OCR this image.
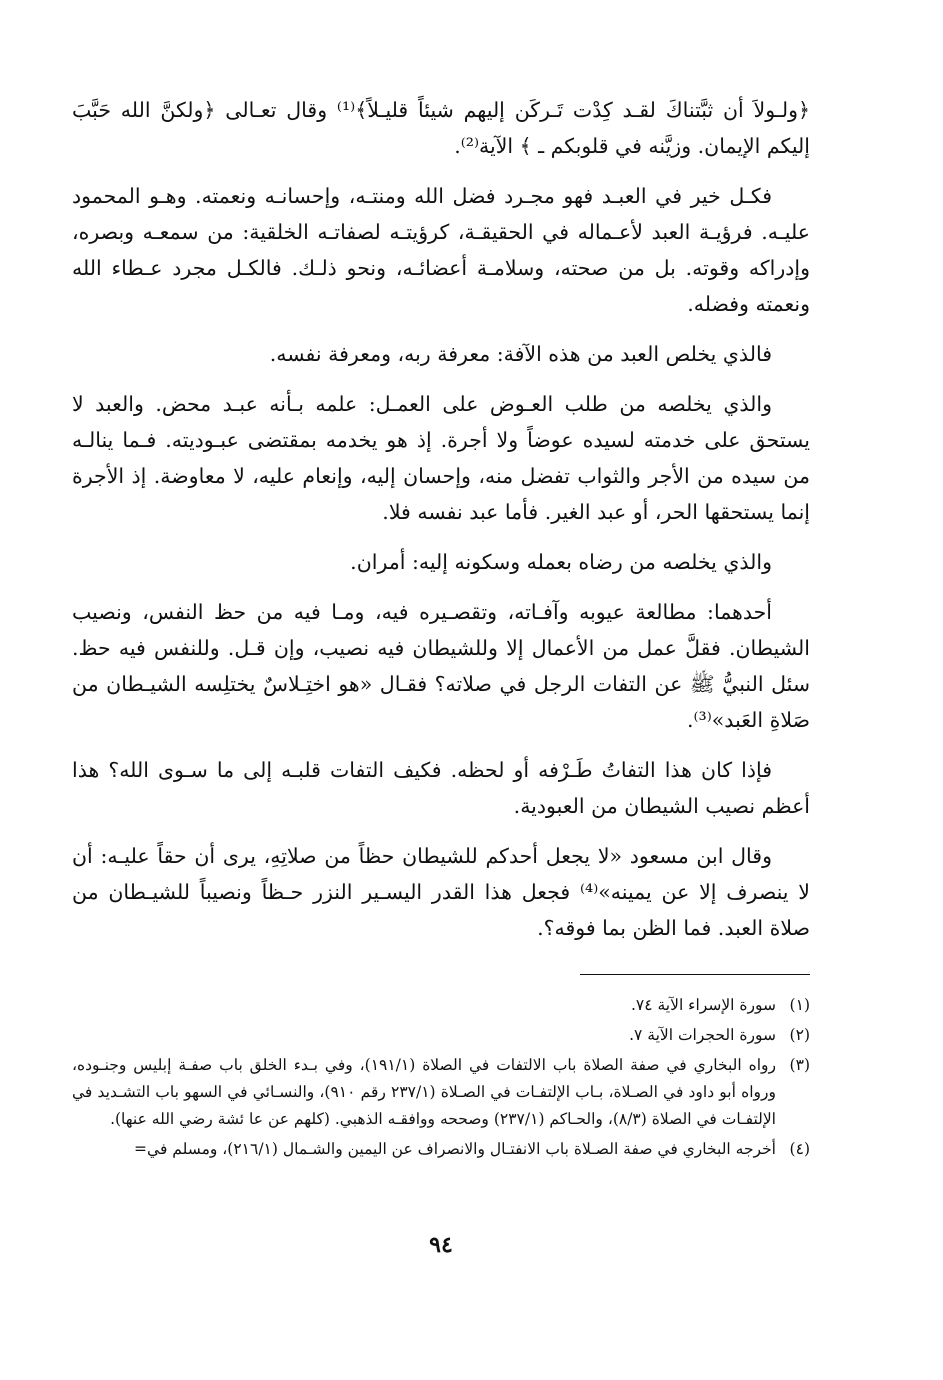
﴿ولـولاَ أن ثبَّتناكَ لقـد كِدْت تَـركَن إليهم شيئاً قليـلاً﴾⁽¹⁾ وقال تعـالى ﴿ولكنَّ الله حَبَّبَ إليكم الإيمان. وزيَّنه في قلوبكم ـ ﴾ الآية⁽²⁾.

فكـل خير في العبـد فهو مجـرد فضل الله ومنتـه، وإحسانـه ونعمته. وهـو المحمود عليـه. فرؤيـة العبد لأعـماله في الحقيقـة، كرؤيتـه لصفاتـه الخلقية: من سمعـه وبصره، وإدراكه وقوته. بل من صحته، وسلامـة أعضائـه، ونحو ذلـك. فالكـل مجرد عـطاء الله ونعمته وفضله.

فالذي يخلص العبد من هذه الآفة: معرفة ربه، ومعرفة نفسه.

والذي يخلصه من طلب العـوض على العمـل: علمه بـأنه عبـد محض. والعبد لا يستحق على خدمته لسيده عوضاً ولا أجرة. إذ هو يخدمه بمقتضى عبـوديته. فـما ينالـه من سيده من الأجر والثواب تفضل منه، وإحسان إليه، وإنعام عليه، لا معاوضة. إذ الأجرة إنما يستحقها الحر، أو عبد الغير. فأما عبد نفسه فلا.

والذي يخلصه من رضاه بعمله وسكونه إليه: أمران.

أحدهما: مطالعة عيوبه وآفـاته، وتقصـيره فيه، ومـا فيه من حظ النفس، ونصيب الشيطان. فقلَّ عمل من الأعمال إلا وللشيطان فيه نصيب، وإن قـل. وللنفس فيه حظ. سئل النبيُّ ﷺ عن التفات الرجل في صلاته؟ فقـال «هو اختِـلاسٌ يختلِسه الشيـطان من صَلاةِ العَبد»⁽³⁾.

فإذا كان هذا التفاتُ طَـرْفه أو لحظه. فكيف التفات قلبـه إلى ما سـوى الله؟ هذا أعظم نصيب الشيطان من العبودية.

وقال ابن مسعود «لا يجعل أحدكم للشيطان حظاً من صلاتِهِ، يرى أن حقاً عليـه: أن لا ينصرف إلا عن يمينه»⁽⁴⁾ فجعل هذا القدر اليسـير النزر حـظاً ونصيباً للشيـطان من صلاة العبد. فما الظن بما فوقه؟.

(١)
سورة الإسراء الآية ٧٤.
(٢)
سورة الحجرات الآية ٧.
(٣)
رواه البخاري في صفة الصلاة باب الالتفات في الصلاة (١٩١/١)، وفي بـدء الخلق باب صفـة إبليس وجنـوده، ورواه أبو داود في الصـلاة، بـاب الإلتفـات في الصـلاة (٢٣٧/١ رقم ٩١٠)، والنسـائي في السهو باب التشـديد في الإلتفـات في الصلاة (٨/٣)، والحـاكم (٢٣٧/١) وصححه ووافقـه الذهبي. (كلهم عن عا ئشة رضي الله عنها).
(٤)
أخرجه البخاري في صفة الصـلاة باب الانفتـال والانصراف عن اليمين والشـمال (٢١٦/١)، ومسلم في=
٩٤
